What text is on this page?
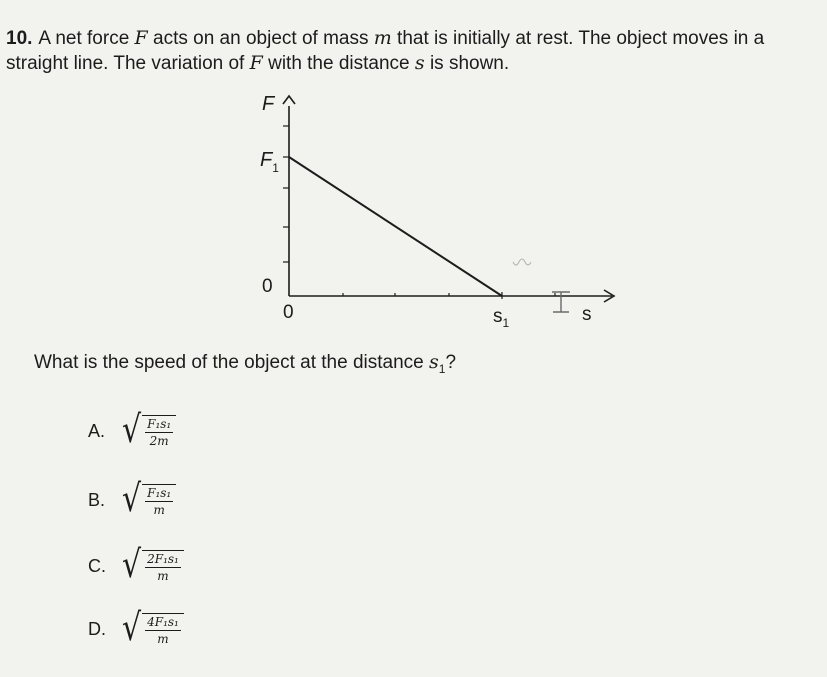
10. A net force F acts on an object of mass m that is initially at rest. The object moves in a straight line. The variation of F with the distance s is shown.
F
$F_1$
0
0	$s_1$	s
What is the speed of the object at the distance $s_1$?
A. √ $\frac{\text{F₁s₁}}{2m}$
B. √ $\frac{\text{F₁s₁}}{m}$
C. √ $\frac{\text{2F₁s₁}}{m}$
D. √ $\frac{\text{4F₁s₁}}{m}$
